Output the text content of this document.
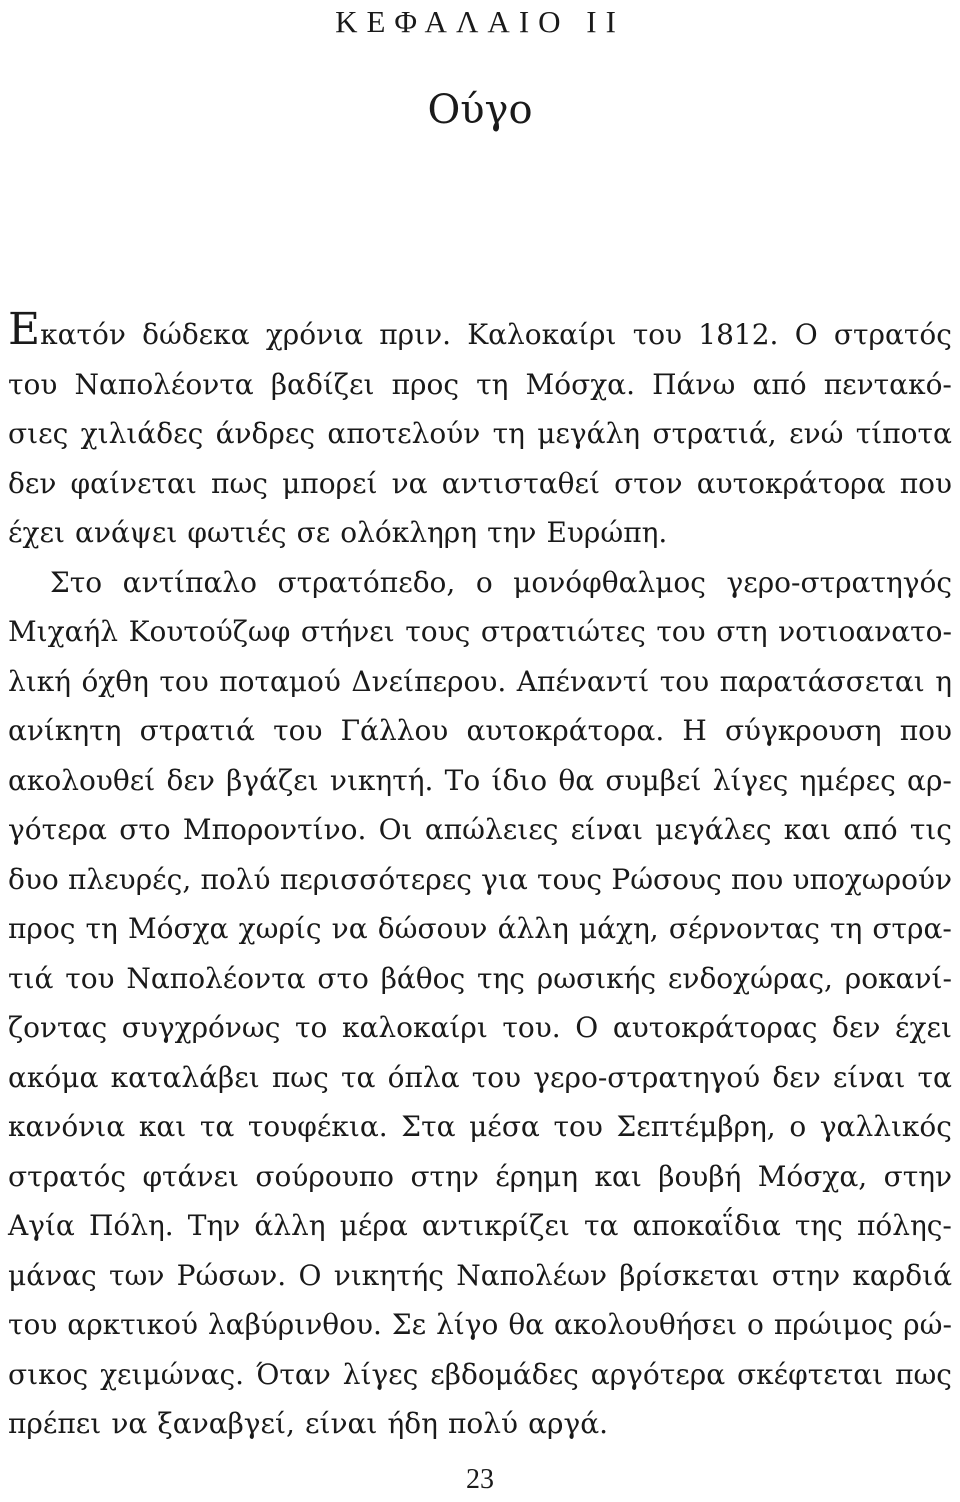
ΚΕΦΑΛΑΙΟ ΙΙ
Ούγο
Εκατόν δώδεκα χρόνια πριν. Καλοκαίρι του 1812. Ο στρατός
του Ναπολέοντα βαδίζει προς τη Μόσχα. Πάνω από πεντακό-
σιες χιλιάδες άνδρες αποτελούν τη μεγάλη στρατιά, ενώ τίποτα
δεν φαίνεται πως μπορεί να αντισταθεί στον αυτοκράτορα που
έχει ανάψει φωτιές σε ολόκληρη την Ευρώπη.
Στο αντίπαλο στρατόπεδο, ο μονόφθαλμος γερο-στρατηγός
Μιχαήλ Κουτούζωφ στήνει τους στρατιώτες του στη νοτιοανατο-
λική όχθη του ποταμού Δνείπερου. Απέναντί του παρατάσσεται η
ανίκητη στρατιά του Γάλλου αυτοκράτορα. Η σύγκρουση που
ακολουθεί δεν βγάζει νικητή. Το ίδιο θα συμβεί λίγες ημέρες αρ-
γότερα στο Μποροντίνο. Οι απώλειες είναι μεγάλες και από τις
δυο πλευρές, πολύ περισσότερες για τους Ρώσους που υποχωρούν
προς τη Μόσχα χωρίς να δώσουν άλλη μάχη, σέρνοντας τη στρα-
τιά του Ναπολέοντα στο βάθος της ρωσικής ενδοχώρας, ροκανί-
ζοντας συγχρόνως το καλοκαίρι του. Ο αυτοκράτορας δεν έχει
ακόμα καταλάβει πως τα όπλα του γερο-στρατηγού δεν είναι τα
κανόνια και τα τουφέκια. Στα μέσα του Σεπτέμβρη, ο γαλλικός
στρατός φτάνει σούρουπο στην έρημη και βουβή Μόσχα, στην
Αγία Πόλη. Την άλλη μέρα αντικρίζει τα αποκαΐδια της πόλης-
μάνας των Ρώσων. Ο νικητής Ναπολέων βρίσκεται στην καρδιά
του αρκτικού λαβύρινθου. Σε λίγο θα ακολουθήσει ο πρώιμος ρώ-
σικος χειμώνας. Όταν λίγες εβδομάδες αργότερα σκέφτεται πως
πρέπει να ξαναβγεί, είναι ήδη πολύ αργά.
23
